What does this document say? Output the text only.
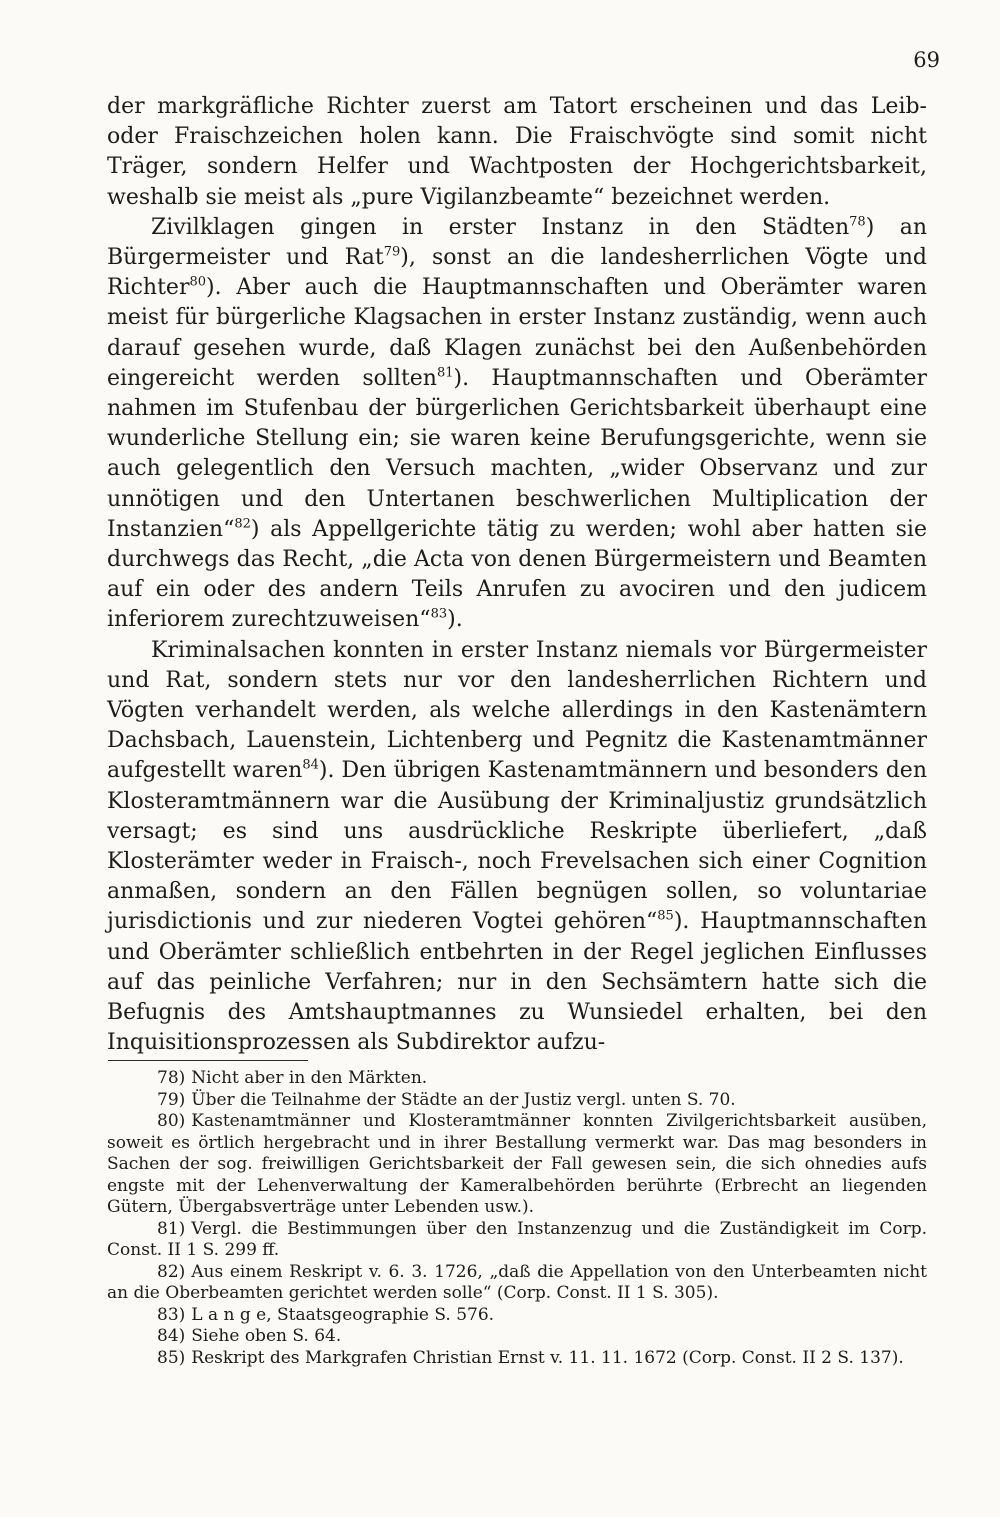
69

der markgräfliche Richter zuerst am Tatort erscheinen und das Leib- oder Fraischzeichen holen kann. Die Fraischvögte sind somit nicht Träger, sondern Helfer und Wachtposten der Hochgerichtsbarkeit, weshalb sie meist als „pure Vigilanzbeamte“ bezeichnet werden.

Zivilklagen gingen in erster Instanz in den Städten$^{78}$) an Bürgermeister und Rat$^{79}$), sonst an die landesherrlichen Vögte und Richter$^{80}$). Aber auch die Hauptmannschaften und Oberämter waren meist für bürgerliche Klagsachen in erster Instanz zuständig, wenn auch darauf gesehen wurde, daß Klagen zunächst bei den Außenbehörden eingereicht werden sollten$^{81}$). Hauptmannschaften und Oberämter nahmen im Stufenbau der bürgerlichen Gerichtsbarkeit überhaupt eine wunderliche Stellung ein; sie waren keine Berufungsgerichte, wenn sie auch gelegentlich den Versuch machten, „wider Observanz und zur unnötigen und den Untertanen beschwerlichen Multiplication der Instanzien“$^{82}$) als Appellgerichte tätig zu werden; wohl aber hatten sie durchwegs das Recht, „die Acta von denen Bürgermeistern und Beamten auf ein oder des andern Teils Anrufen zu avociren und den judicem inferiorem zurechtzuweisen“$^{83}$).

Kriminalsachen konnten in erster Instanz niemals vor Bürgermeister und Rat, sondern stets nur vor den landesherrlichen Richtern und Vögten verhandelt werden, als welche allerdings in den Kastenämtern Dachsbach, Lauenstein, Lichtenberg und Pegnitz die Kastenamtmänner aufgestellt waren$^{84}$). Den übrigen Kastenamtmännern und besonders den Klosteramtmännern war die Ausübung der Kriminaljustiz grundsätzlich versagt; es sind uns ausdrückliche Reskripte überliefert, „daß Klosterämter weder in Fraisch-, noch Frevelsachen sich einer Cognition anmaßen, sondern an den Fällen begnügen sollen, so voluntariae jurisdictionis und zur niederen Vogtei gehören“$^{85}$). Hauptmannschaften und Oberämter schließlich entbehrten in der Regel jeglichen Einflusses auf das peinliche Verfahren; nur in den Sechsämtern hatte sich die Befugnis des Amtshauptmannes zu Wunsiedel erhalten, bei den Inquisitionsprozessen als Subdirektor aufzu-

78) Nicht aber in den Märkten.

79) Über die Teilnahme der Städte an der Justiz vergl. unten S. 70.

80) Kastenamtmänner und Klosteramtmänner konnten Zivilgerichtsbarkeit ausüben, soweit es örtlich hergebracht und in ihrer Bestallung vermerkt war. Das mag besonders in Sachen der sog. freiwilligen Gerichtsbarkeit der Fall gewesen sein, die sich ohnedies aufs engste mit der Lehenverwaltung der Kameralbehörden berührte (Erbrecht an liegenden Gütern, Übergabsverträge unter Lebenden usw.).

81) Vergl. die Bestimmungen über den Instanzenzug und die Zuständigkeit im Corp. Const. II 1 S. 299 ff.

82) Aus einem Reskript v. 6. 3. 1726, „daß die Appellation von den Unterbeamten nicht an die Oberbeamten gerichtet werden solle“ (Corp. Const. II 1 S. 305).

83) L a n g e, Staatsgeographie S. 576.

84) Siehe oben S. 64.

85) Reskript des Markgrafen Christian Ernst v. 11. 11. 1672 (Corp. Const. II 2 S. 137).
